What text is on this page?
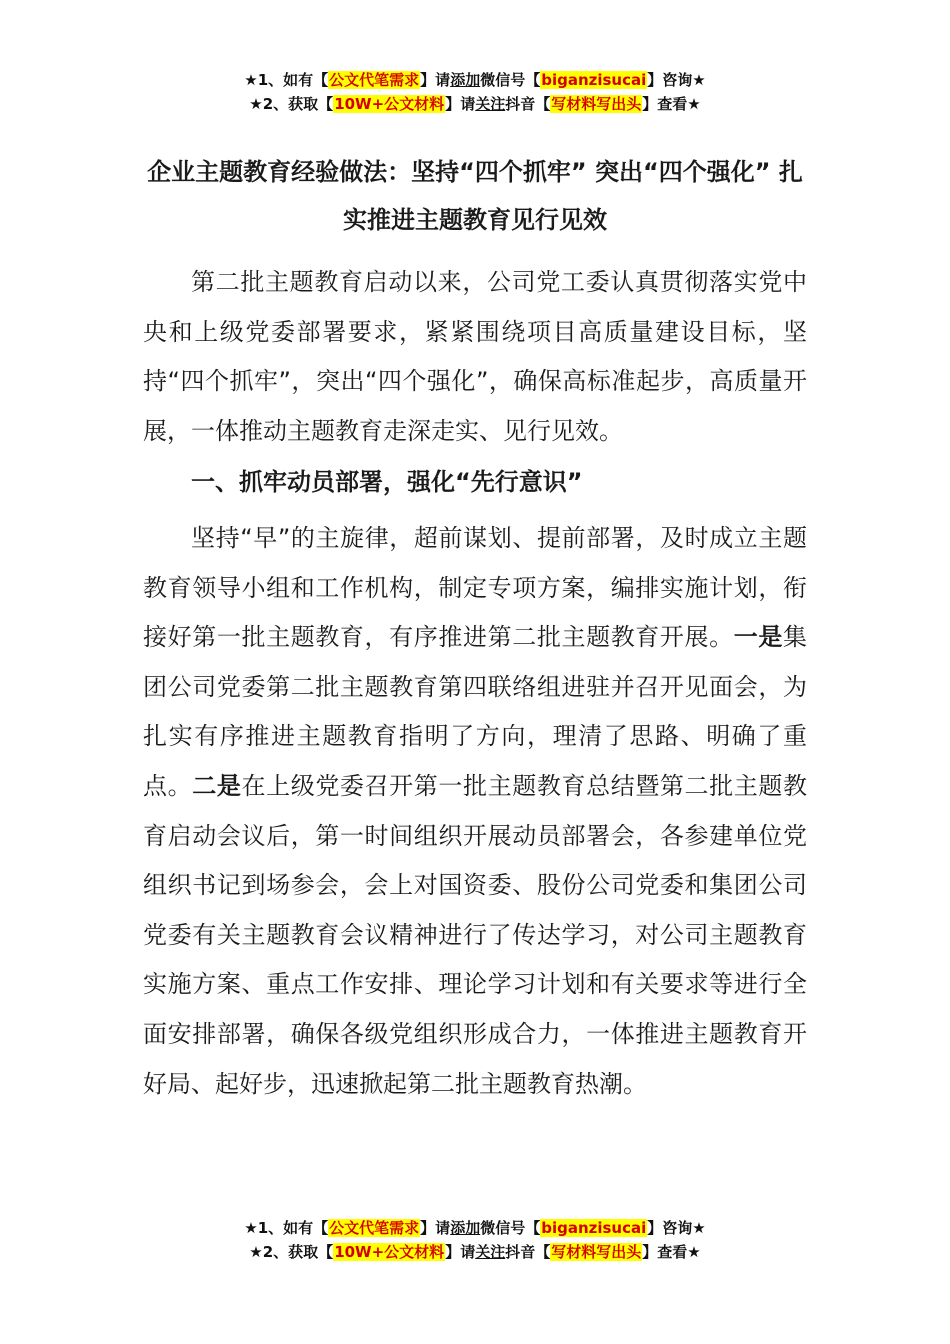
★1、如有【公文代笔需求】请添加微信号【biganzisucai】咨询★
★2、获取【10W+公文材料】请关注抖音【写材料写出头】查看★
企业主题教育经验做法：坚持“四个抓牢” 突出“四个强化” 扎实推进主题教育见行见效

第二批主题教育启动以来，公司党工委认真贯彻落实党中央和上级党委部署要求，紧紧围绕项目高质量建设目标，坚持“四个抓牢”，突出“四个强化”，确保高标准起步，高质量开展，一体推动主题教育走深走实、见行见效。

一、抓牢动员部署，强化“先行意识”

坚持“早”的主旋律，超前谋划、提前部署，及时成立主题教育领导小组和工作机构，制定专项方案，编排实施计划，衔接好第一批主题教育，有序推进第二批主题教育开展。一是集团公司党委第二批主题教育第四联络组进驻并召开见面会，为扎实有序推进主题教育指明了方向，理清了思路、明确了重点。二是在上级党委召开第一批主题教育总结暨第二批主题教育启动会议后，第一时间组织开展动员部署会，各参建单位党组织书记到场参会，会上对国资委、股份公司党委和集团公司党委有关主题教育会议精神进行了传达学习，对公司主题教育实施方案、重点工作安排、理论学习计划和有关要求等进行全面安排部署，确保各级党组织形成合力，一体推进主题教育开好局、起好步，迅速掀起第二批主题教育热潮。

★1、如有【公文代笔需求】请添加微信号【biganzisucai】咨询★
★2、获取【10W+公文材料】请关注抖音【写材料写出头】查看★
